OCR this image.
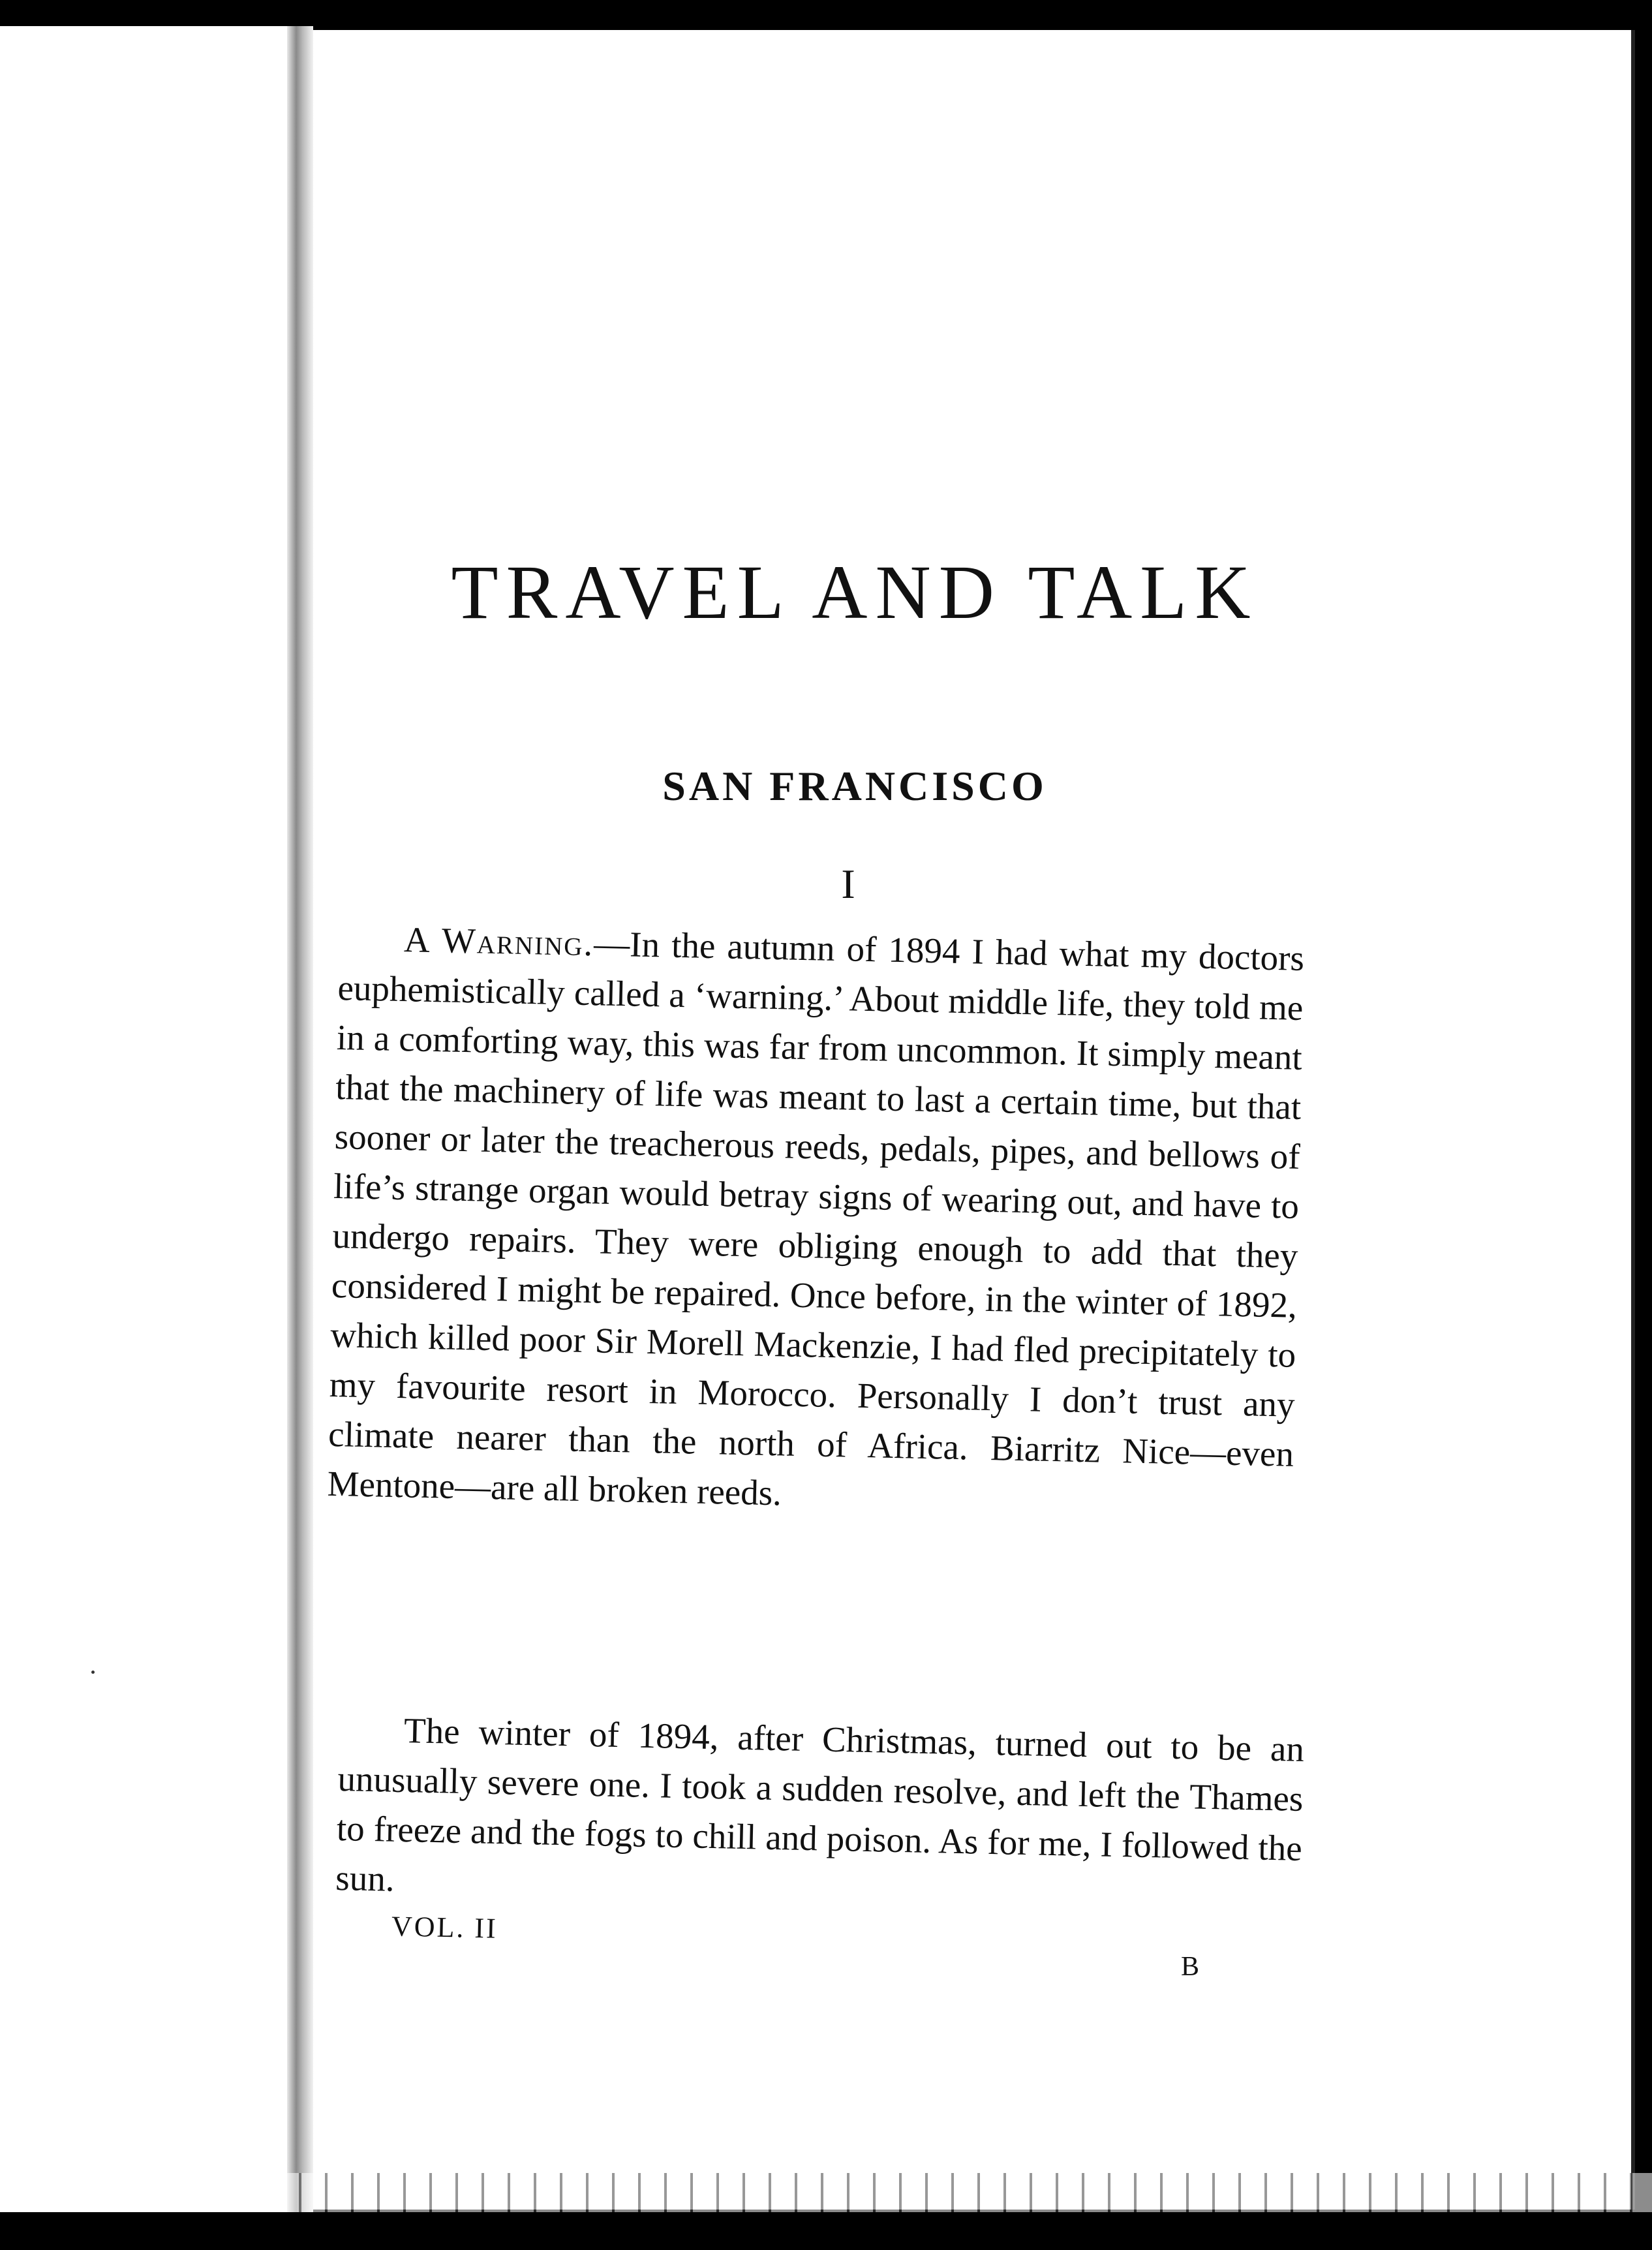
TRAVEL AND TALK
SAN FRANCISCO
I

A Warning.—In the autumn of 1894 I had what my doctors euphemistically called a ‘warning.’ About middle life, they told me in a comforting way, this was far from uncommon. It simply meant that the machinery of life was meant to last a certain time, but that sooner or later the treacherous reeds, pedals, pipes, and bellows of life’s strange organ would betray signs of wearing out, and have to undergo repairs. They were obliging enough to add that they considered I might be repaired. Once before, in the winter of 1892, which killed poor Sir Morell Mackenzie, I had fled precipitately to my favourite resort in Morocco. Personally I don’t trust any climate nearer than the north of Africa. Biarritz Nice—even Mentone—are all broken reeds.

The winter of 1894, after Christmas, turned out to be an unusually severe one. I took a sudden resolve, and left the Thames to freeze and the fogs to chill and poison. As for me, I followed the sun.

VOL. II
B
